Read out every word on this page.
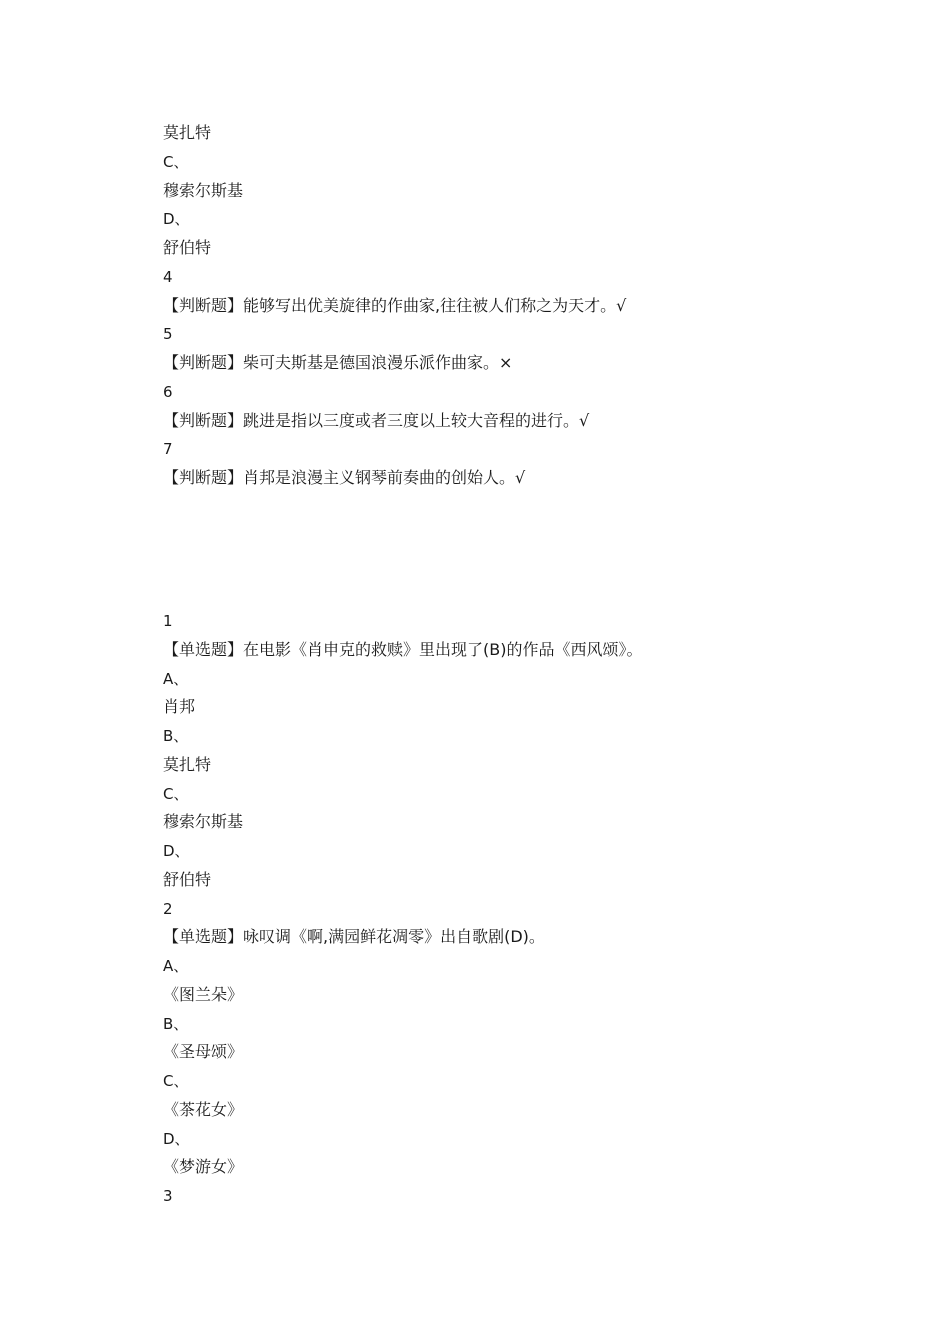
莫扎特
C、
穆索尔斯基
D、
舒伯特
4
【判断题】能够写出优美旋律的作曲家,往往被人们称之为天才。√
5
【判断题】柴可夫斯基是德国浪漫乐派作曲家。×
6
【判断题】跳进是指以三度或者三度以上较大音程的进行。√
7
【判断题】肖邦是浪漫主义钢琴前奏曲的创始人。√
1
【单选题】在电影《肖申克的救赎》里出现了(B)的作品《西风颂》。
A、
肖邦
B、
莫扎特
C、
穆索尔斯基
D、
舒伯特
2
【单选题】咏叹调《啊,满园鲜花凋零》出自歌剧(D)。
A、
《图兰朵》
B、
《圣母颂》
C、
《茶花女》
D、
《梦游女》
3
